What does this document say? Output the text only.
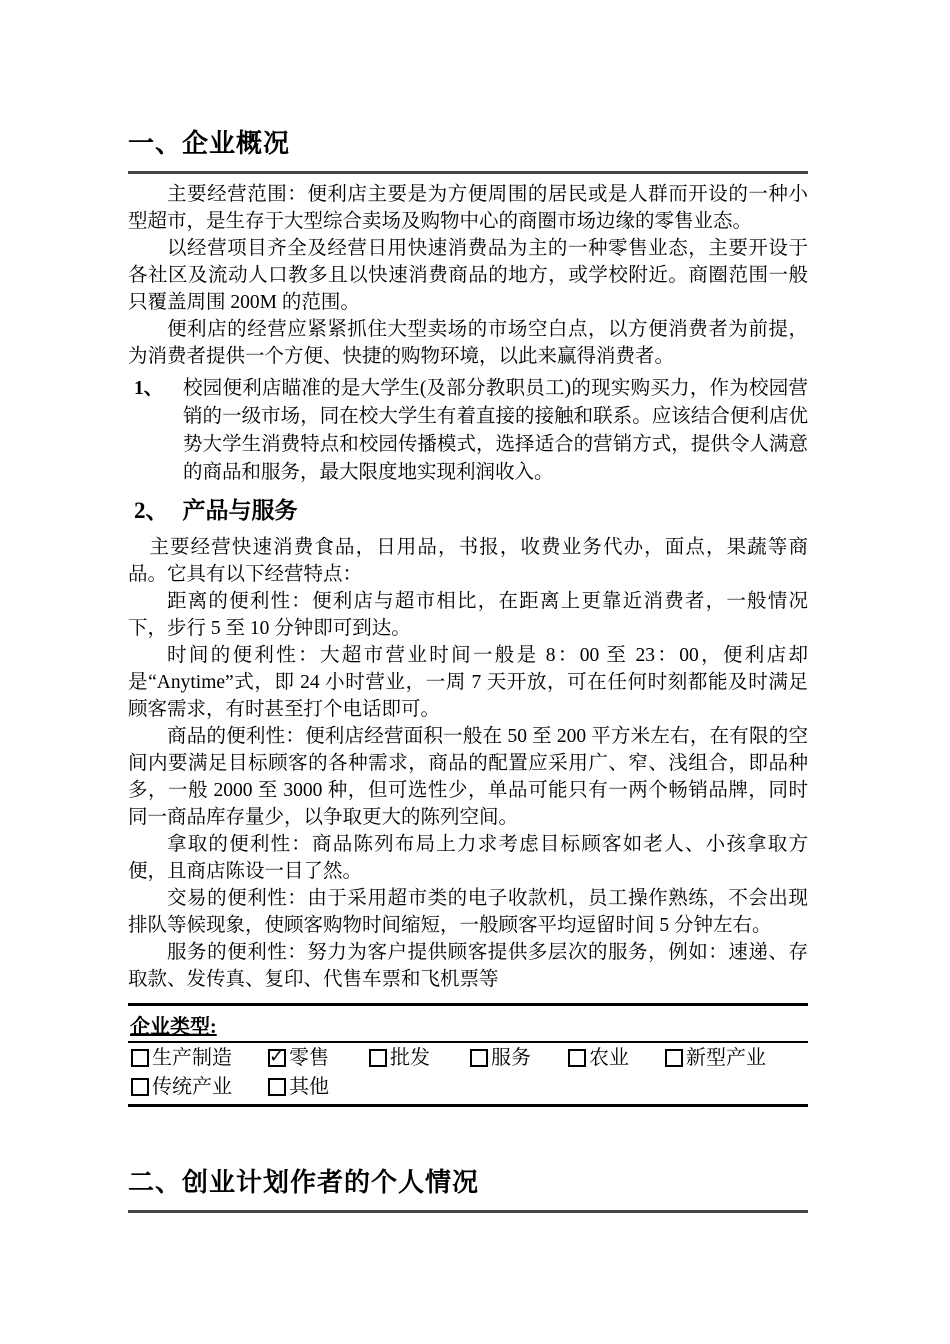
一、企业概况

主要经营范围：便利店主要是为方便周围的居民或是人群而开设的一种小型超市，是生存于大型综合卖场及购物中心的商圈市场边缘的零售业态。

以经营项目齐全及经营日用快速消费品为主的一种零售业态，主要开设于各社区及流动人口教多且以快速消费商品的地方，或学校附近。商圈范围一般只覆盖周围 200M 的范围。

便利店的经营应紧紧抓住大型卖场的市场空白点，以方便消费者为前提，为消费者提供一个方便、快捷的购物环境，以此来赢得消费者。

1、	校园便利店瞄准的是大学生(及部分教职员工)的现实购买力，作为校园营销的一级市场，同在校大学生有着直接的接触和联系。应该结合便利店优势大学生消费特点和校园传播模式，选择适合的营销方式，提供令人满意的商品和服务，最大限度地实现利润收入。
2、 产品与服务

主要经营快速消费食品，日用品，书报，收费业务代办，面点，果蔬等商品。它具有以下经营特点：

距离的便利性：便利店与超市相比，在距离上更靠近消费者，一般情况下，步行 5 至 10 分钟即可到达。

时间的便利性：大超市营业时间一般是 8：00 至 23：00，便利店却是“Anytime”式，即 24 小时营业，一周 7 天开放，可在任何时刻都能及时满足顾客需求，有时甚至打个电话即可。

商品的便利性：便利店经营面积一般在 50 至 200 平方米左右，在有限的空间内要满足目标顾客的各种需求，商品的配置应采用广、窄、浅组合，即品种多，一般 2000 至 3000 种，但可选性少，单品可能只有一两个畅销品牌，同时同一商品库存量少，以争取更大的陈列空间。

拿取的便利性：商品陈列布局上力求考虑目标顾客如老人、小孩拿取方便，且商店陈设一目了然。

交易的便利性：由于采用超市类的电子收款机，员工操作熟练，不会出现排队等候现象，使顾客购物时间缩短，一般顾客平均逗留时间 5 分钟左右。

服务的便利性：努力为客户提供顾客提供多层次的服务，例如：速递、存取款、发传真、复印、代售车票和飞机票等

企业类型:
生产制造 ✓	零售	批发	服务	农业	新型产业
传统产业	其他
二、创业计划作者的个人情况
